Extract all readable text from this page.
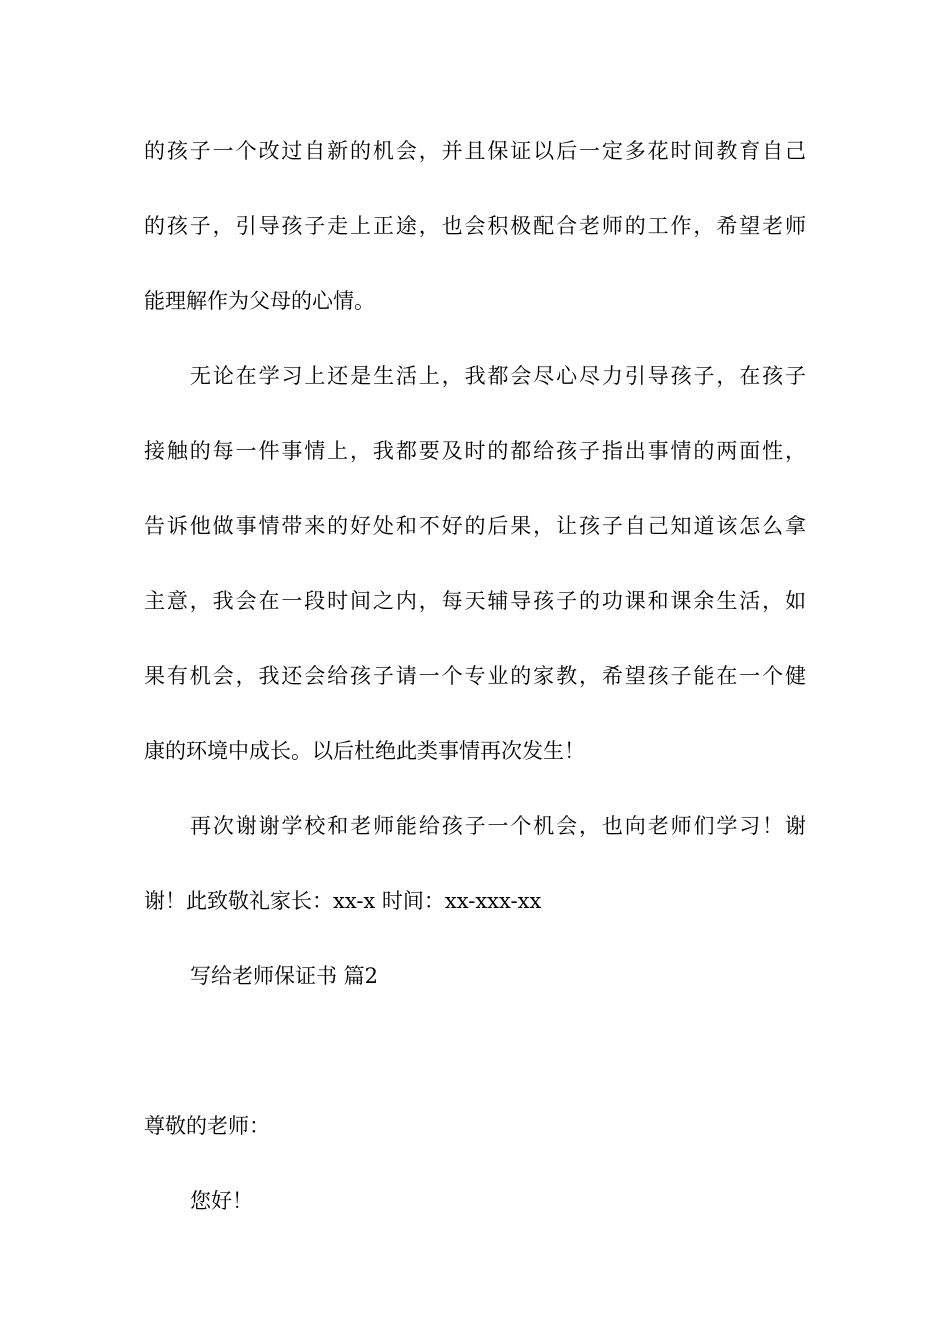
的孩子一个改过自新的机会，并且保证以后一定多花时间教育自己
的孩子，引导孩子走上正途，也会积极配合老师的工作，希望老师
能理解作为父母的心情。
无论在学习上还是生活上，我都会尽心尽力引导孩子，在孩子
接触的每一件事情上，我都要及时的都给孩子指出事情的两面性，
告诉他做事情带来的好处和不好的后果，让孩子自己知道该怎么拿
主意，我会在一段时间之内，每天辅导孩子的功课和课余生活，如
果有机会，我还会给孩子请一个专业的家教，希望孩子能在一个健
康的环境中成长。以后杜绝此类事情再次发生！
再次谢谢学校和老师能给孩子一个机会，也向老师们学习！谢
谢！此致敬礼家长：xx-x 时间：xx-xxx-xx
写给老师保证书 篇2
尊敬的老师：
您好！
